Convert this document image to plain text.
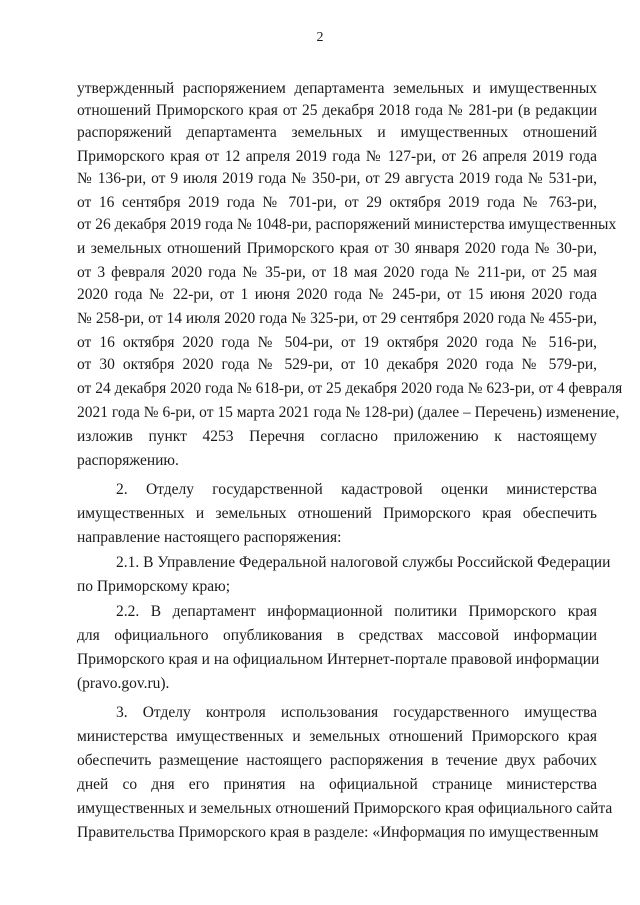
2
утвержденный распоряжением департамента земельных и имущественных
отношений Приморского края от 25 декабря 2018 года № 281-ри (в редакции
распоряжений департамента земельных и имущественных отношений
Приморского края от 12 апреля 2019 года № 127-ри, от 26 апреля 2019 года
№ 136-ри, от 9 июля 2019 года № 350-ри, от 29 августа 2019 года № 531-ри,
от 16 сентября 2019 года № 701-ри, от 29 октября 2019 года № 763-ри,
от 26 декабря 2019 года № 1048-ри, распоряжений министерства имущественных
и земельных отношений Приморского края от 30 января 2020 года № 30-ри,
от 3 февраля 2020 года № 35-ри, от 18 мая 2020 года № 211-ри, от 25 мая
2020 года № 22-ри, от 1 июня 2020 года № 245-ри, от 15 июня 2020 года
№ 258-ри, от 14 июля 2020 года № 325-ри, от 29 сентября 2020 года № 455-ри,
от 16 октября 2020 года № 504-ри, от 19 октября 2020 года № 516-ри,
от 30 октября 2020 года № 529-ри, от 10 декабря 2020 года № 579-ри,
от 24 декабря 2020 года № 618-ри, от 25 декабря 2020 года № 623-ри, от 4 февраля
2021 года № 6-ри, от 15 марта 2021 года № 128-ри) (далее – Перечень) изменение,
изложив пункт 4253 Перечня согласно приложению к настоящему
распоряжению.
2. Отделу государственной кадастровой оценки министерства
имущественных и земельных отношений Приморского края обеспечить
направление настоящего распоряжения:
2.1. В Управление Федеральной налоговой службы Российской Федерации
по Приморскому краю;
2.2. В департамент информационной политики Приморского края
для официального опубликования в средствах массовой информации
Приморского края и на официальном Интернет-портале правовой информации
(pravo.gov.ru).
3. Отделу контроля использования государственного имущества
министерства имущественных и земельных отношений Приморского края
обеспечить размещение настоящего распоряжения в течение двух рабочих
дней со дня его принятия на официальной странице министерства
имущественных и земельных отношений Приморского края официального сайта
Правительства Приморского края в разделе: «Информация по имущественным
